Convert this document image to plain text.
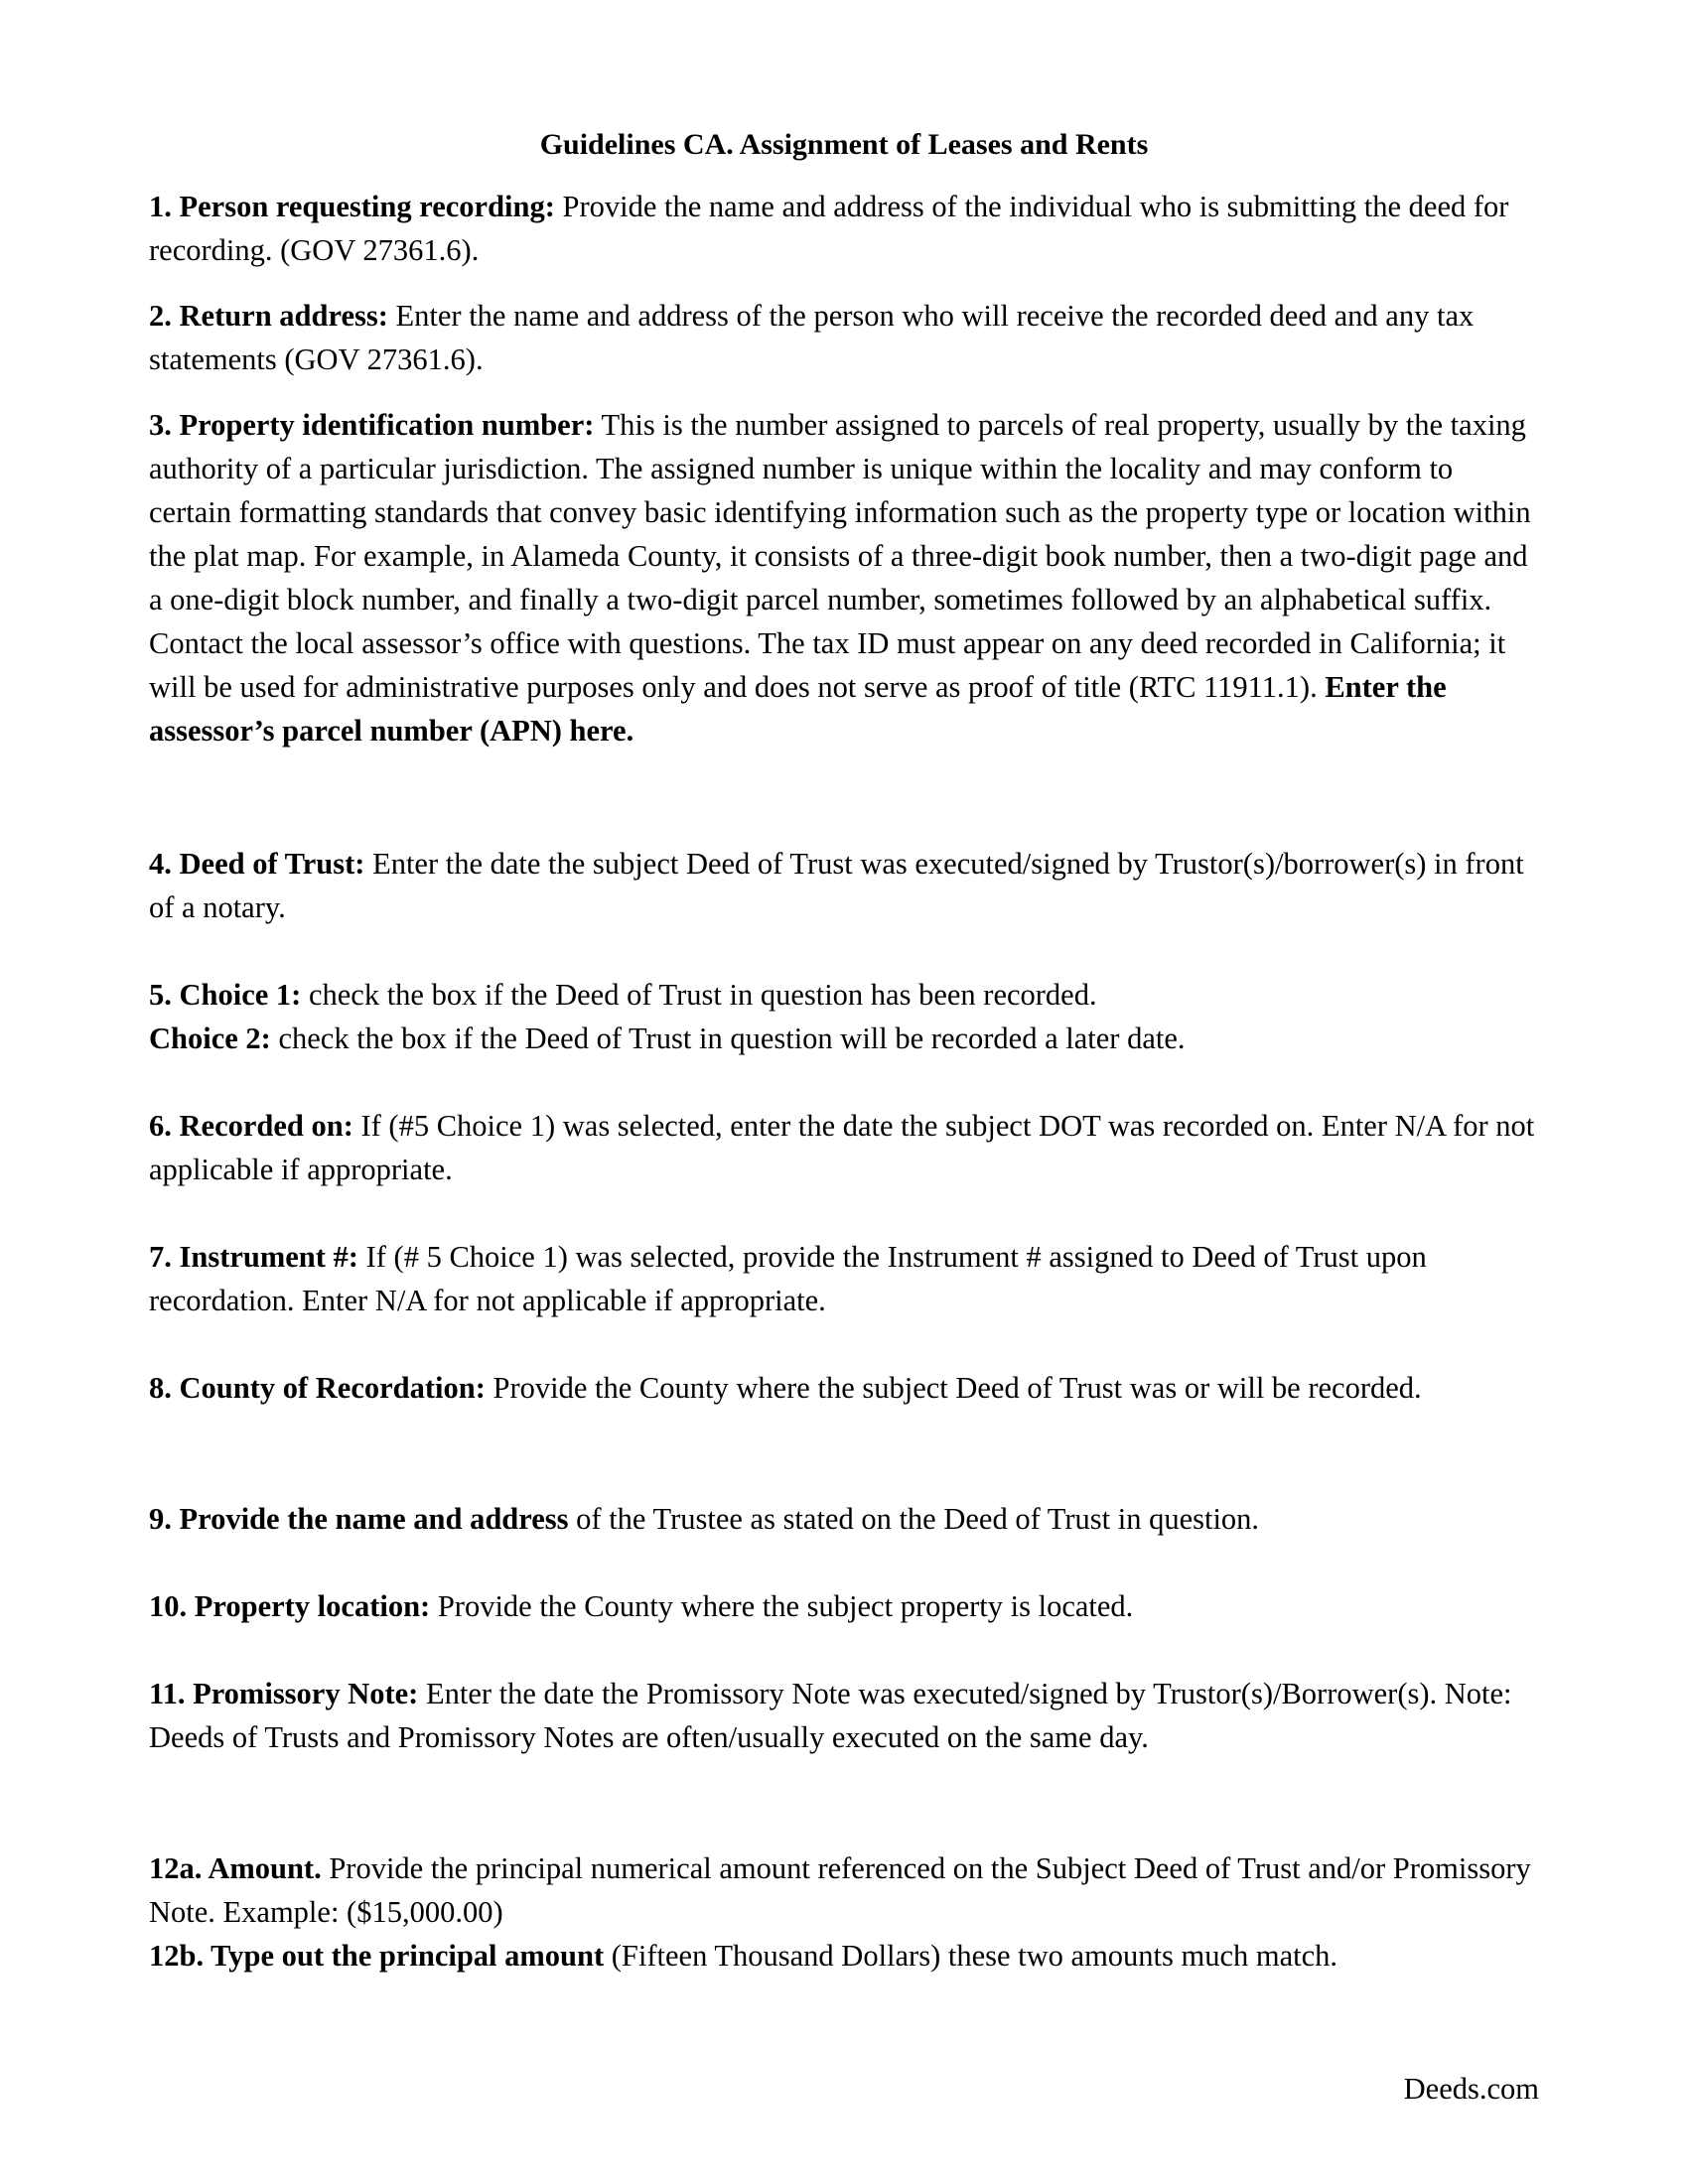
Guidelines CA. Assignment of Leases and Rents

1. Person requesting recording: Provide the name and address of the individual who is submitting the deed for recording. (GOV 27361.6).

2. Return address: Enter the name and address of the person who will receive the recorded deed and any tax statements (GOV 27361.6).

3. Property identification number: This is the number assigned to parcels of real property, usually by the taxing authority of a particular jurisdiction. The assigned number is unique within the locality and may conform to certain formatting standards that convey basic identifying information such as the property type or location within the plat map. For example, in Alameda County, it consists of a three-digit book number, then a two-digit page and a one-digit block number, and finally a two-digit parcel number, sometimes followed by an alphabetical suffix. Contact the local assessor’s office with questions. The tax ID must appear on any deed recorded in California; it will be used for administrative purposes only and does not serve as proof of title (RTC 11911.1). Enter the assessor’s parcel number (APN) here.

4. Deed of Trust: Enter the date the subject Deed of Trust was executed/signed by Trustor(s)/borrower(s) in front of a notary.

5. Choice 1: check the box if the Deed of Trust in question has been recorded.
Choice 2: check the box if the Deed of Trust in question will be recorded a later date.

6. Recorded on: If (#5 Choice 1) was selected, enter the date the subject DOT was recorded on. Enter N/A for not applicable if appropriate.

7. Instrument #: If (# 5 Choice 1) was selected, provide the Instrument # assigned to Deed of Trust upon recordation. Enter N/A for not applicable if appropriate.

8. County of Recordation: Provide the County where the subject Deed of Trust was or will be recorded.

9. Provide the name and address of the Trustee as stated on the Deed of Trust in question.

10. Property location: Provide the County where the subject property is located.

11. Promissory Note: Enter the date the Promissory Note was executed/signed by Trustor(s)/Borrower(s). Note: Deeds of Trusts and Promissory Notes are often/usually executed on the same day.

12a. Amount. Provide the principal numerical amount referenced on the Subject Deed of Trust and/or Promissory Note. Example: ($15,000.00)
12b. Type out the principal amount (Fifteen Thousand Dollars) these two amounts much match.

Deeds.com
